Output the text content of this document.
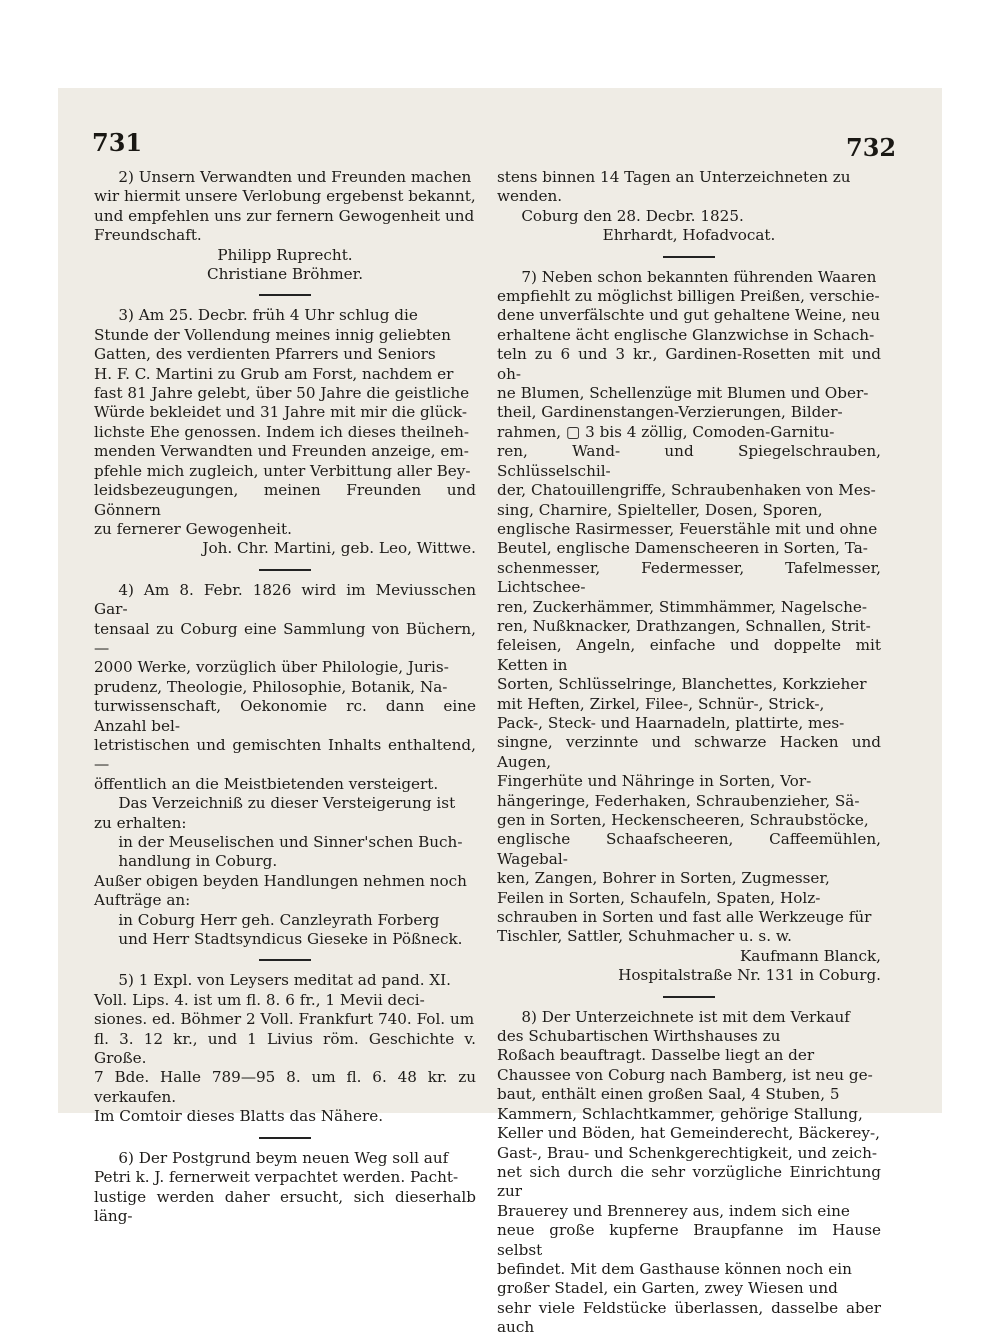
731	732

2) Unsern Verwandten und Freunden machen

wir hiermit unsere Verlobung ergebenst bekannt,

und empfehlen uns zur fernern Gewogenheit und

Freundschaft.

Philipp Ruprecht.

Christiane Bröhmer.

3) Am 25. Decbr. früh 4 Uhr schlug die

Stunde der Vollendung meines innig geliebten

Gatten, des verdienten Pfarrers und Seniors

H. F. C. Martini zu Grub am Forst, nachdem er

fast 81 Jahre gelebt, über 50 Jahre die geistliche

Würde bekleidet und 31 Jahre mit mir die glück-

lichste Ehe genossen. Indem ich dieses theilneh-

menden Verwandten und Freunden anzeige, em-

pfehle mich zugleich, unter Verbittung aller Bey-

leidsbezeugungen, meinen Freunden und Gönnern

zu fernerer Gewogenheit.

Joh. Chr. Martini, geb. Leo, Wittwe.

4) Am 8. Febr. 1826 wird im Meviusschen Gar-

tensaal zu Coburg eine Sammlung von Büchern, —

2000 Werke, vorzüglich über Philologie, Juris-

prudenz, Theologie, Philosophie, Botanik, Na-

turwissenschaft, Oekonomie rc. dann eine Anzahl bel-

letristischen und gemischten Inhalts enthaltend, —

öffentlich an die Meistbietenden versteigert.

Das Verzeichniß zu dieser Versteigerung ist

zu erhalten:

in der Meuselischen und Sinner'schen Buch-

handlung in Coburg.

Außer obigen beyden Handlungen nehmen noch

Aufträge an:

in Coburg Herr geh. Canzleyrath Forberg

und Herr Stadtsyndicus Gieseke in Pößneck.

5) 1 Expl. von Leysers meditat ad pand. XI.

Voll. Lips. 4. ist um fl. 8. 6 fr., 1 Mevii deci-

siones. ed. Böhmer 2 Voll. Frankfurt 740. Fol. um

fl. 3. 12 kr., und 1 Livius röm. Geschichte v. Große.

7 Bde. Halle 789—95 8. um fl. 6. 48 kr. zu verkaufen.

Im Comtoir dieses Blatts das Nähere.

6) Der Postgrund beym neuen Weg soll auf

Petri k. J. fernerweit verpachtet werden. Pacht-

lustige werden daher ersucht, sich dieserhalb läng-

stens binnen 14 Tagen an Unterzeichneten zu

wenden.

Coburg den 28. Decbr. 1825.

Ehrhardt, Hofadvocat.

7) Neben schon bekannten führenden Waaren

empfiehlt zu möglichst billigen Preißen, verschie-

dene unverfälschte und gut gehaltene Weine, neu

erhaltene ächt englische Glanzwichse in Schach-

teln zu 6 und 3 kr., Gardinen-Rosetten mit und oh-

ne Blumen, Schellenzüge mit Blumen und Ober-

theil, Gardinenstangen-Verzierungen, Bilder-

rahmen, ▢ 3 bis 4 zöllig, Comoden-Garnitu-

ren, Wand- und Spiegelschrauben, Schlüsselschil-

der, Chatouillengriffe, Schraubenhaken von Mes-

sing, Charnire, Spielteller, Dosen, Sporen,

englische Rasirmesser, Feuerstähle mit und ohne

Beutel, englische Damenscheeren in Sorten, Ta-

schenmesser, Federmesser, Tafelmesser, Lichtschee-

ren, Zuckerhämmer, Stimmhämmer, Nagelsche-

ren, Nußknacker, Drathzangen, Schnallen, Strit-

feleisen, Angeln, einfache und doppelte mit Ketten in

Sorten, Schlüsselringe, Blanchettes, Korkzieher

mit Heften, Zirkel, Filee-, Schnür-, Strick-,

Pack-, Steck- und Haarnadeln, plattirte, mes-

singne, verzinnte und schwarze Hacken und Augen,

Fingerhüte und Nähringe in Sorten, Vor-

hängeringe, Federhaken, Schraubenzieher, Sä-

gen in Sorten, Heckenscheeren, Schraubstöcke,

englische Schaafscheeren, Caffeemühlen, Wagebal-

ken, Zangen, Bohrer in Sorten, Zugmesser,

Feilen in Sorten, Schaufeln, Spaten, Holz-

schrauben in Sorten und fast alle Werkzeuge für

Tischler, Sattler, Schuhmacher u. s. w.

Kaufmann Blanck,

Hospitalstraße Nr. 131 in Coburg.

8) Der Unterzeichnete ist mit dem Verkauf

des Schubartischen Wirthshauses zu

Roßach beauftragt. Dasselbe liegt an der

Chaussee von Coburg nach Bamberg, ist neu ge-

baut, enthält einen großen Saal, 4 Stuben, 5

Kammern, Schlachtkammer, gehörige Stallung,

Keller und Böden, hat Gemeinderecht, Bäckerey-,

Gast-, Brau- und Schenkgerechtigkeit, und zeich-

net sich durch die sehr vorzügliche Einrichtung zur

Brauerey und Brennerey aus, indem sich eine

neue große kupferne Braupfanne im Hause selbst

befindet. Mit dem Gasthause können noch ein

großer Stadel, ein Garten, zwey Wiesen und

sehr viele Feldstücke überlassen, dasselbe aber auch
